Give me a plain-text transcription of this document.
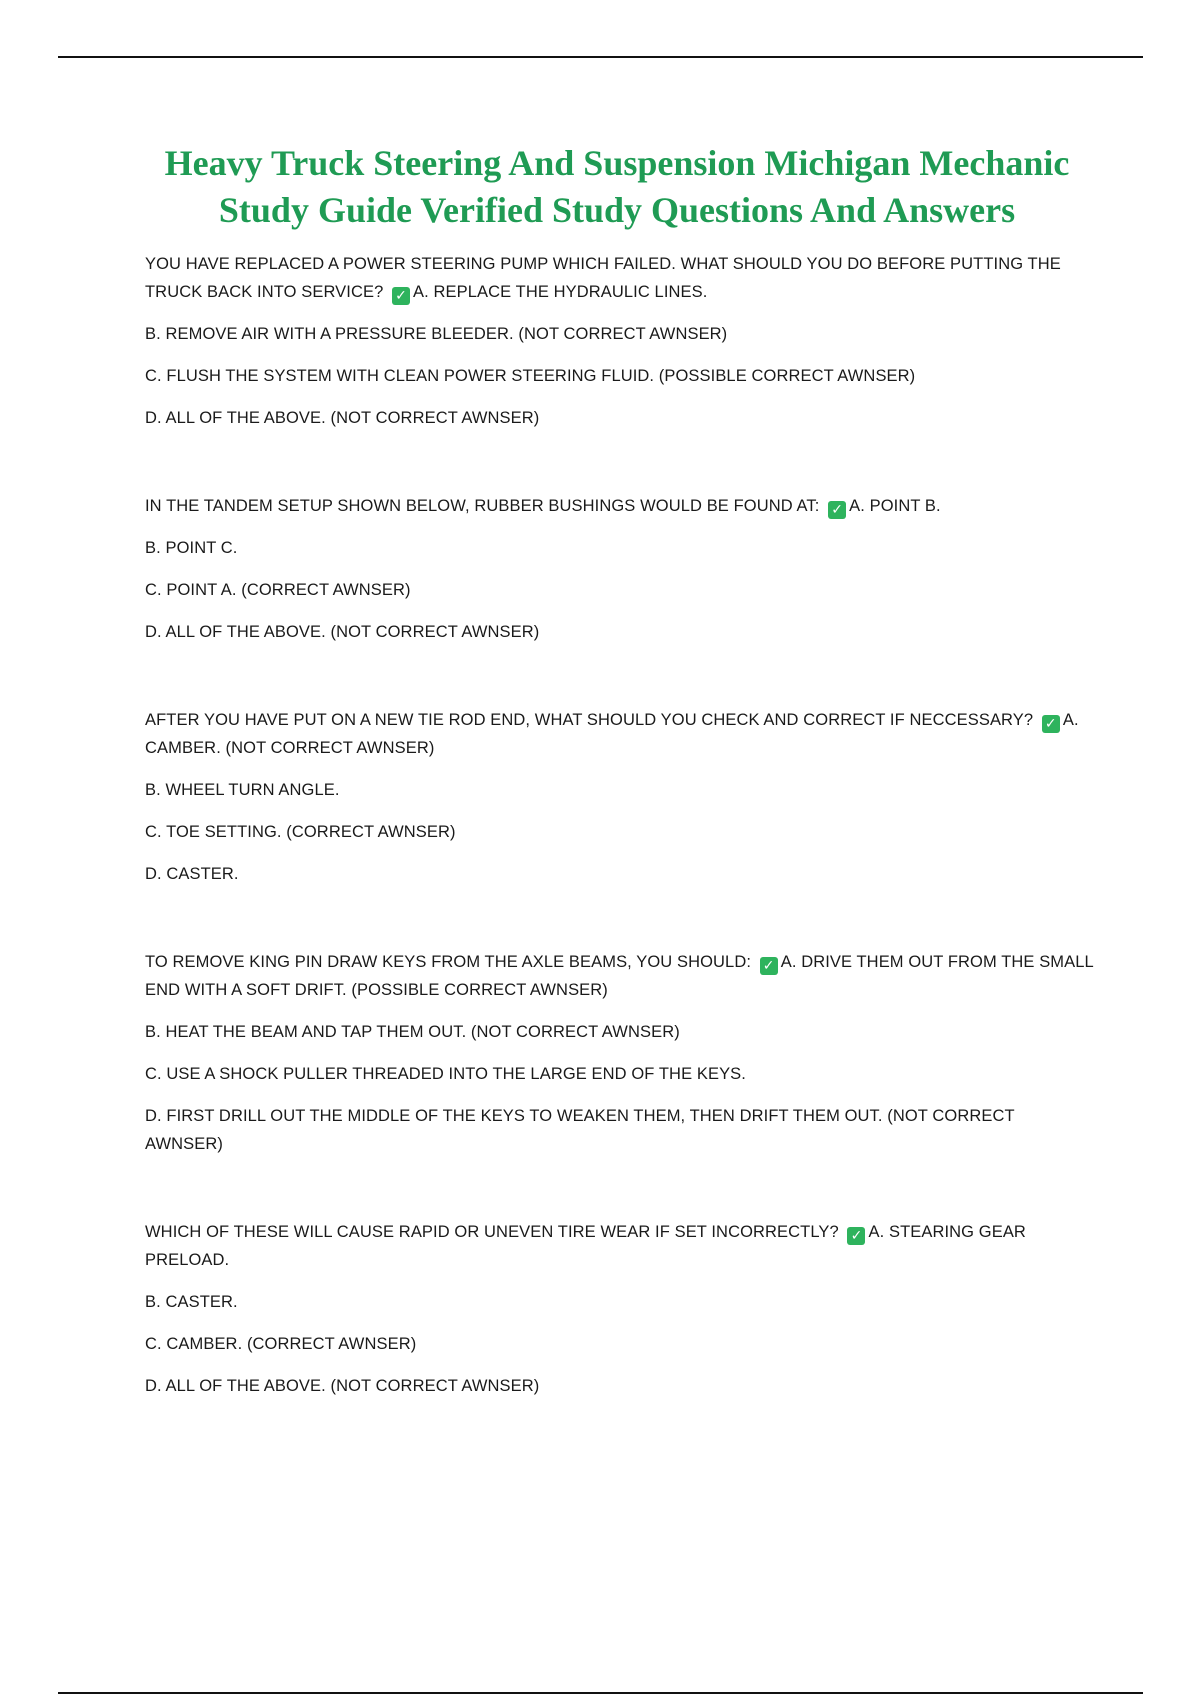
Heavy Truck Steering And Suspension Michigan Mechanic
Study Guide Verified Study Questions And Answers

YOU HAVE REPLACED A POWER STEERING PUMP WHICH FAILED. WHAT SHOULD YOU DO BEFORE PUTTING THE TRUCK BACK INTO SERVICE? ✓ A. REPLACE THE HYDRAULIC LINES.

B. REMOVE AIR WITH A PRESSURE BLEEDER. (NOT CORRECT AWNSER)

C. FLUSH THE SYSTEM WITH CLEAN POWER STEERING FLUID. (POSSIBLE CORRECT AWNSER)

D. ALL OF THE ABOVE. (NOT CORRECT AWNSER)

IN THE TANDEM SETUP SHOWN BELOW, RUBBER BUSHINGS WOULD BE FOUND AT: ✓ A. POINT B.

B. POINT C.

C. POINT A. (CORRECT AWNSER)

D. ALL OF THE ABOVE. (NOT CORRECT AWNSER)

AFTER YOU HAVE PUT ON A NEW TIE ROD END, WHAT SHOULD YOU CHECK AND CORRECT IF NECCESSARY? ✓ A. CAMBER. (NOT CORRECT AWNSER)

B. WHEEL TURN ANGLE.

C. TOE SETTING. (CORRECT AWNSER)

D. CASTER.

TO REMOVE KING PIN DRAW KEYS FROM THE AXLE BEAMS, YOU SHOULD: ✓ A. DRIVE THEM OUT FROM THE SMALL END WITH A SOFT DRIFT. (POSSIBLE CORRECT AWNSER)

B. HEAT THE BEAM AND TAP THEM OUT. (NOT CORRECT AWNSER)

C. USE A SHOCK PULLER THREADED INTO THE LARGE END OF THE KEYS.

D. FIRST DRILL OUT THE MIDDLE OF THE KEYS TO WEAKEN THEM, THEN DRIFT THEM OUT. (NOT CORRECT AWNSER)

WHICH OF THESE WILL CAUSE RAPID OR UNEVEN TIRE WEAR IF SET INCORRECTLY? ✓ A. STEARING GEAR PRELOAD.

B. CASTER.

C. CAMBER. (CORRECT AWNSER)

D. ALL OF THE ABOVE. (NOT CORRECT AWNSER)
